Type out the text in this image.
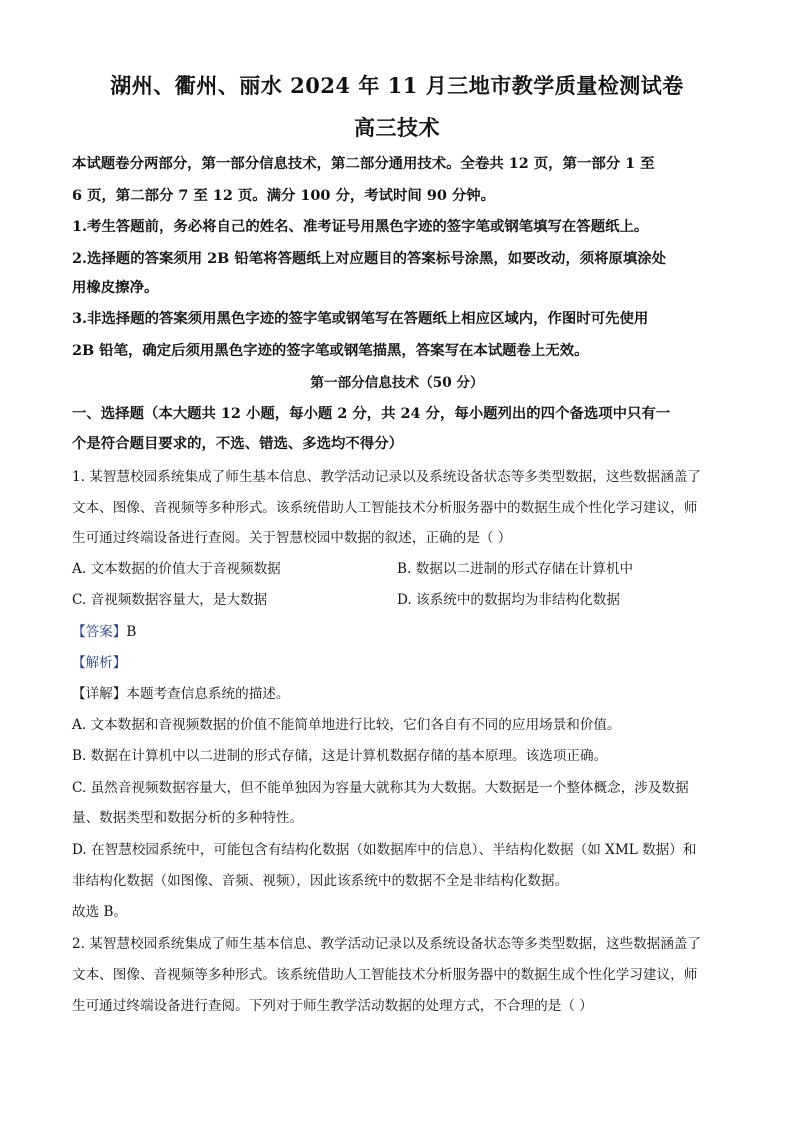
湖州、衢州、丽水 2024 年 11 月三地市教学质量检测试卷
高三技术
本试题卷分两部分，第一部分信息技术，第二部分通用技术。全卷共 12 页，第一部分 1 至
6 页，第二部分 7 至 12 页。满分 100 分，考试时间 90 分钟。
1.考生答题前，务必将自己的姓名、准考证号用黑色字迹的签字笔或钢笔填写在答题纸上。
2.选择题的答案须用 2B 铅笔将答题纸上对应题目的答案标号涂黑，如要改动，须将原填涂处
用橡皮擦净。
3.非选择题的答案须用黑色字迹的签字笔或钢笔写在答题纸上相应区域内，作图时可先使用
2B 铅笔，确定后须用黑色字迹的签字笔或钢笔描黑，答案写在本试题卷上无效。
第一部分信息技术（50 分）
一、选择题（本大题共 12 小题，每小题 2 分，共 24 分，每小题列出的四个备选项中只有一
个是符合题目要求的，不选、错选、多选均不得分）
1. 某智慧校园系统集成了师生基本信息、教学活动记录以及系统设备状态等多类型数据，这些数据涵盖了
文本、图像、音视频等多种形式。该系统借助人工智能技术分析服务器中的数据生成个性化学习建议，师
生可通过终端设备进行查阅。关于智慧校园中数据的叙述，正确的是（ ）
A. 文本数据的价值大于音视频数据	B. 数据以二进制的形式存储在计算机中
C. 音视频数据容量大，是大数据	D. 该系统中的数据均为非结构化数据
【答案】B
【解析】
【详解】本题考查信息系统的描述。
A. 文本数据和音视频数据的价值不能简单地进行比较，它们各自有不同的应用场景和价值。
B. 数据在计算机中以二进制的形式存储，这是计算机数据存储的基本原理。该选项正确。
C. 虽然音视频数据容量大，但不能单独因为容量大就称其为大数据。大数据是一个整体概念，涉及数据
量、数据类型和数据分析的多种特性。
D. 在智慧校园系统中，可能包含有结构化数据（如数据库中的信息）、半结构化数据（如 XML 数据）和
非结构化数据（如图像、音频、视频），因此该系统中的数据不全是非结构化数据。
故选 B。
2. 某智慧校园系统集成了师生基本信息、教学活动记录以及系统设备状态等多类型数据，这些数据涵盖了
文本、图像、音视频等多种形式。该系统借助人工智能技术分析服务器中的数据生成个性化学习建议，师
生可通过终端设备进行查阅。下列对于师生教学活动数据的处理方式，不合理的是（ ）
